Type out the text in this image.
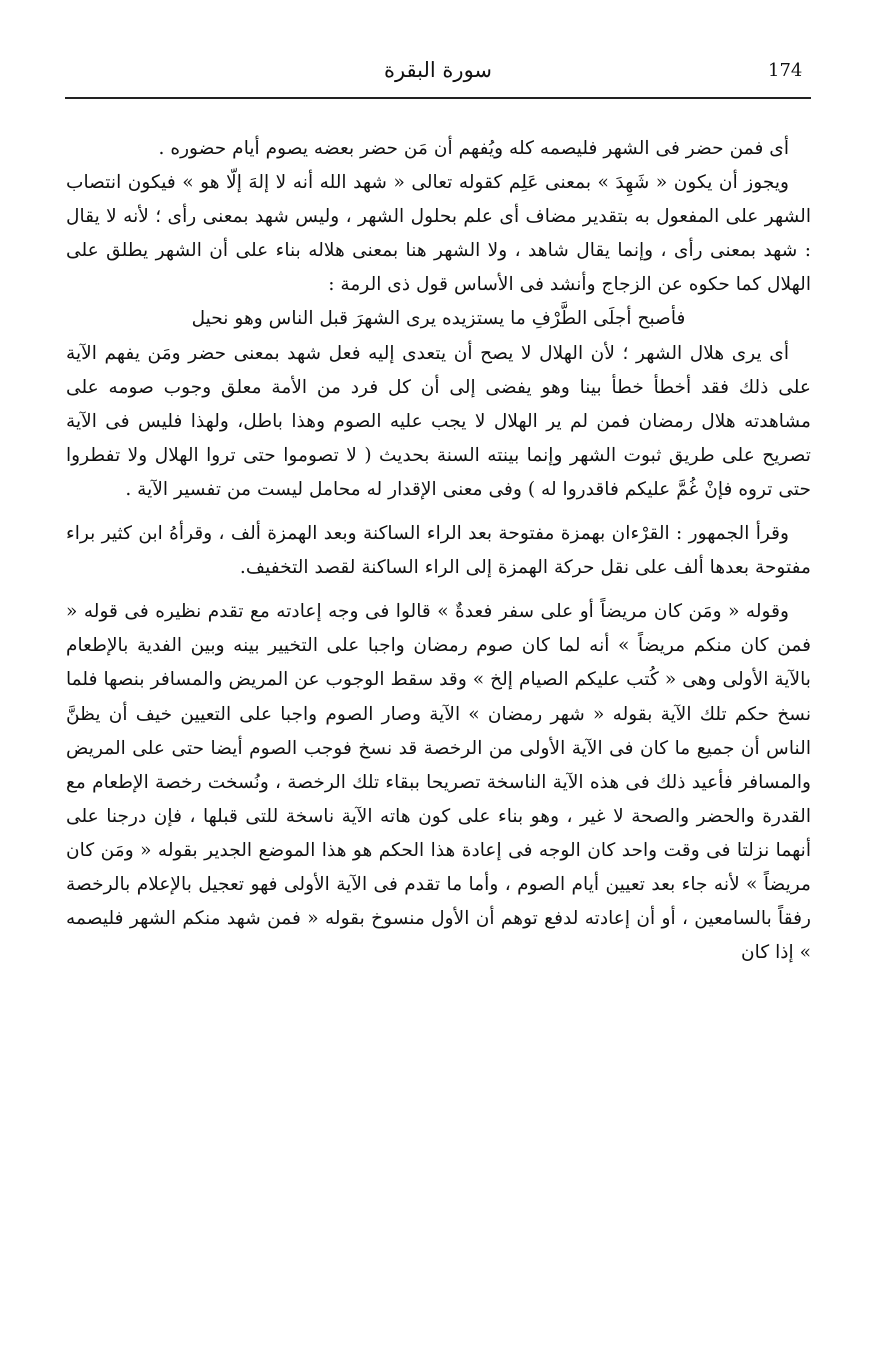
174
سورة البقرة

أى فمن حضر فى الشهر فليصمه كله ويُفهم أن مَن حضر بعضه يصوم أيام حضوره .

ويجوز أن يكون « شَهِدَ » بمعنى عَلِم كقوله تعالى « شهد الله أنه لا إلهَ إلّا هو » فيكون انتصاب الشهر على المفعول به بتقدير مضاف أى علم بحلول الشهر ، وليس شهد بمعنى رأى ؛ لأنه لا يقال : شهد بمعنى رأى ، وإنما يقال شاهد ، ولا الشهر هنا بمعنى هلاله بناء على أن الشهر يطلق على الهلال كما حكوه عن الزجاج وأنشد فى الأساس قول ذى الرمة :

فأصبح أجلَى الطَّرْفِ ما يستزيده يرى الشهرَ قبل الناس وهو نحيل

أى يرى هلال الشهر ؛ لأن الهلال لا يصح أن يتعدى إليه فعل شهد بمعنى حضر ومَن يفهم الآية على ذلك فقد أخطأ خطأ بينا وهو يفضى إلى أن كل فرد من الأمة معلق وجوب صومه على مشاهدته هلال رمضان فمن لم ير الهلال لا يجب عليه الصوم وهذا باطل، ولهذا فليس فى الآية تصريح على طريق ثبوت الشهر وإنما بينته السنة بحديث ( لا تصوموا حتى تروا الهلال ولا تفطروا حتى تروه فإنْ غُمَّ عليكم فاقدروا له ) وفى معنى الإقدار له محامل ليست من تفسير الآية .

وقرأ الجمهور : القرْءان بهمزة مفتوحة بعد الراء الساكنة وبعد الهمزة ألف ، وقرأهُ ابن كثير براء مفتوحة بعدها ألف على نقل حركة الهمزة إلى الراء الساكنة لقصد التخفيف.

وقوله « ومَن كان مريضاً أو على سفر فعدةٌ » قالوا فى وجه إعادته مع تقدم نظيره فى قوله « فمن كان منكم مريضاً » أنه لما كان صوم رمضان واجبا على التخيير بينه وبين الفدية بالإطعام بالآية الأولى وهى « كُتب عليكم الصيام إلخ » وقد سقط الوجوب عن المريض والمسافر بنصها فلما نسخ حكم تلك الآية بقوله « شهر رمضان » الآية وصار الصوم واجبا على التعيين خيف أن يظنَّ الناس أن جميع ما كان فى الآية الأولى من الرخصة قد نسخ فوجب الصوم أيضا حتى على المريض والمسافر فأعيد ذلك فى هذه الآية الناسخة تصريحا ببقاء تلك الرخصة ، ونُسخت رخصة الإطعام مع القدرة والحضر والصحة لا غير ، وهو بناء على كون هاته الآية ناسخة للتى قبلها ، فإن درجنا على أنهما نزلتا فى وقت واحد كان الوجه فى إعادة هذا الحكم هو هذا الموضع الجدير بقوله « ومَن كان مريضاً » لأنه جاء بعد تعيين أيام الصوم ، وأما ما تقدم فى الآية الأولى فهو تعجيل بالإعلام بالرخصة رفقاً بالسامعين ، أو أن إعادته لدفع توهم أن الأول منسوخ بقوله « فمن شهد منكم الشهر فليصمه » إذا كان
